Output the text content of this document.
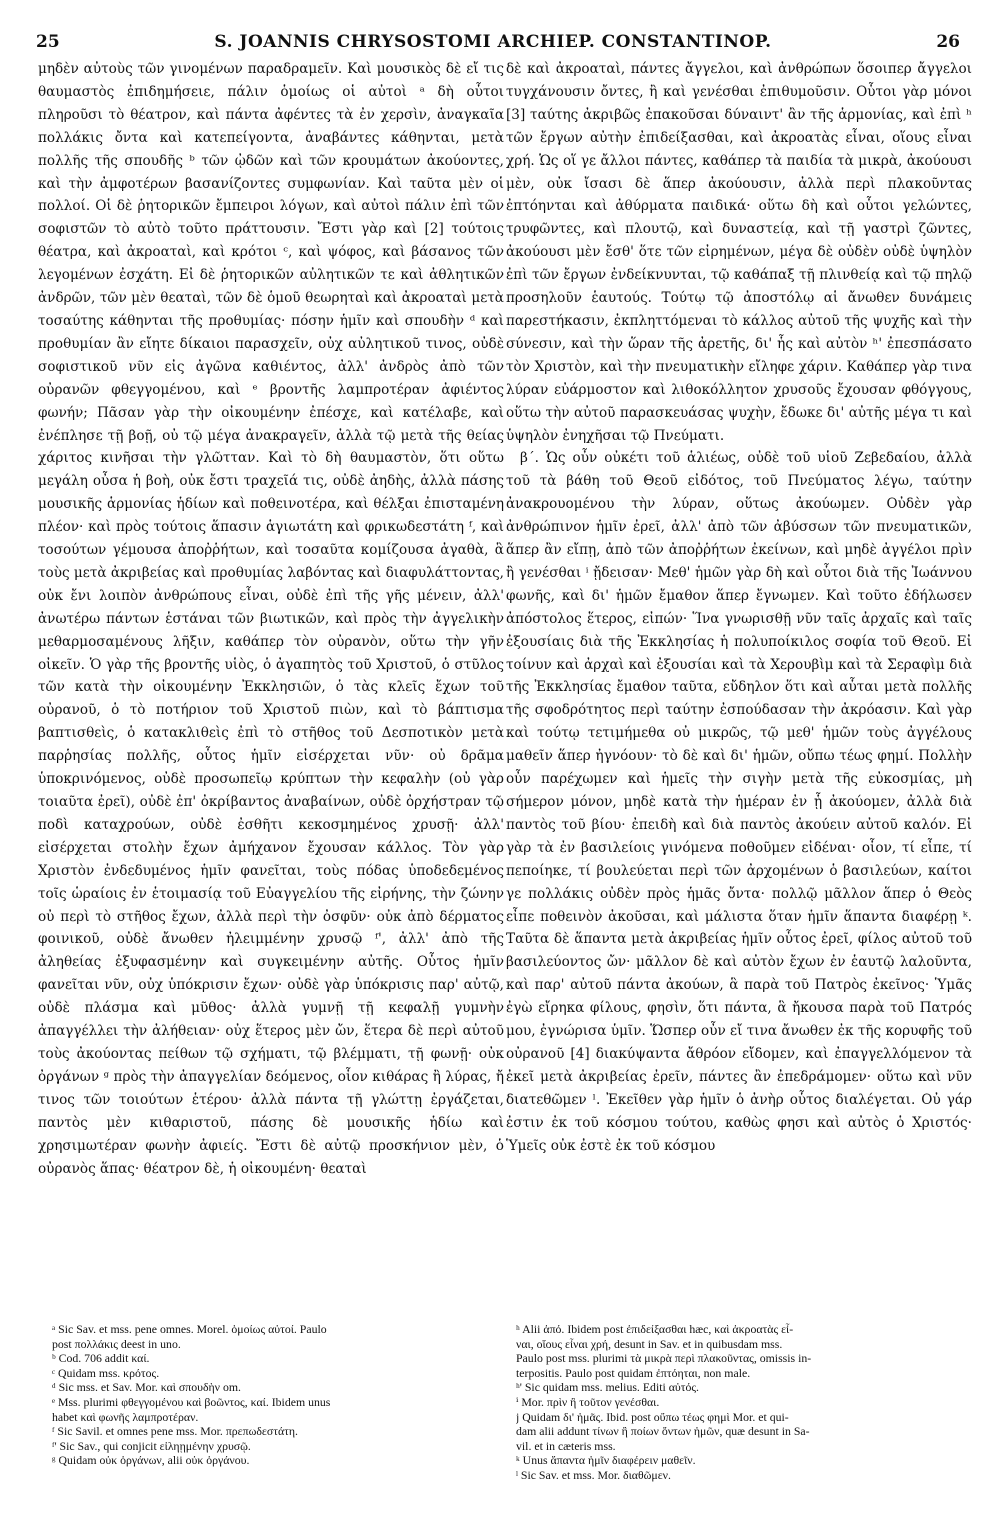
25	S. JOANNIS CHRYSOSTOMI ARCHIEP. CONSTANTINOP.	26

μηδὲν αὐτοὺς τῶν γινομένων παραδραμεῖν. Καὶ μουσικὸς δὲ εἴ τις θαυμαστὸς ἐπιδημήσειε, πάλιν ὁμοίως οἱ αὐτοὶ ᵃ δὴ οὗτοι πληροῦσι τὸ θέατρον, καὶ πάντα ἀφέντες τὰ ἐν χερσὶν, ἀναγκαῖα πολλάκις ὄντα καὶ κατεπείγοντα, ἀναβάντες κάθηνται, μετὰ πολλῆς τῆς σπουδῆς ᵇ τῶν ᾠδῶν καὶ τῶν κρουμάτων ἀκούοντες, καὶ τὴν ἀμφοτέρων βασανίζοντες συμφωνίαν. Καὶ ταῦτα μὲν οἱ πολλοί. Οἱ δὲ ῥητορικῶν ἔμπειροι λόγων, καὶ αὐτοὶ πάλιν ἐπὶ τῶν σοφιστῶν τὸ αὐτὸ τοῦτο πράττουσιν. Ἔστι γὰρ καὶ [2] τούτοις θέατρα, καὶ ἀκροαταὶ, καὶ κρότοι ᶜ, καὶ ψόφος, καὶ βάσανος τῶν λεγομένων ἐσχάτη. Εἰ δὲ ῥητορικῶν αὐλητικῶν τε καὶ ἀθλητικῶν ἀνδρῶν, τῶν μὲν θεαταὶ, τῶν δὲ ὁμοῦ θεωρηταὶ καὶ ἀκροαταὶ μετὰ τοσαύτης κάθηνται τῆς προθυμίας· πόσην ἡμῖν καὶ σπουδὴν ᵈ καὶ προθυμίαν ἂν εἴητε δίκαιοι παρασχεῖν, οὐχ αὐλητικοῦ τινος, οὐδὲ σοφιστικοῦ νῦν εἰς ἀγῶνα καθιέντος, ἀλλ' ἀνδρὸς ἀπὸ τῶν οὐρανῶν φθεγγομένου, καὶ ᵉ βροντῆς λαμπροτέραν ἀφιέντος φωνήν; Πᾶσαν γὰρ τὴν οἰκουμένην ἐπέσχε, καὶ κατέλαβε, καὶ ἐνέπλησε τῇ βοῇ, οὐ τῷ μέγα ἀνακραγεῖν, ἀλλὰ τῷ μετὰ τῆς θείας χάριτος κινῆσαι τὴν γλῶτταν. Καὶ τὸ δὴ θαυμαστὸν, ὅτι οὕτω μεγάλη οὖσα ἡ βοὴ, οὐκ ἔστι τραχεῖά τις, οὐδὲ ἀηδὴς, ἀλλὰ πάσης μουσικῆς ἁρμονίας ἡδίων καὶ ποθεινοτέρα, καὶ θέλξαι ἐπισταμένη πλέον· καὶ πρὸς τούτοις ἅπασιν ἁγιωτάτη καὶ φρικωδεστάτη ᶠ, καὶ τοσούτων γέμουσα ἀποῤῥήτων, καὶ τοσαῦτα κομίζουσα ἀγαθὰ, ἃ τοὺς μετὰ ἀκριβείας καὶ προθυμίας λαβόντας καὶ διαφυλάττοντας, οὐκ ἔνι λοιπὸν ἀνθρώπους εἶναι, οὐδὲ ἐπὶ τῆς γῆς μένειν, ἀλλ' ἀνωτέρω πάντων ἑστάναι τῶν βιωτικῶν, καὶ πρὸς τὴν ἀγγελικὴν μεθαρμοσαμένους λῆξιν, καθάπερ τὸν οὐρανὸν, οὕτω τὴν γῆν οἰκεῖν. Ὁ γὰρ τῆς βροντῆς υἱὸς, ὁ ἀγαπητὸς τοῦ Χριστοῦ, ὁ στῦλος τῶν κατὰ τὴν οἰκουμένην Ἐκκλησιῶν, ὁ τὰς κλεῖς ἔχων τοῦ οὐρανοῦ, ὁ τὸ ποτήριον τοῦ Χριστοῦ πιὼν, καὶ τὸ βάπτισμα βαπτισθεὶς, ὁ κατακλιθεὶς ἐπὶ τὸ στῆθος τοῦ Δεσποτικὸν μετὰ παρῥησίας πολλῆς, οὗτος ἡμῖν εἰσέρχεται νῦν· οὐ δρᾶμα ὑποκρινόμενος, οὐδὲ προσωπεῖῳ κρύπτων τὴν κεφαλὴν (οὐ γὰρ τοιαῦτα ἐρεῖ), οὐδὲ ἐπ' ὀκρίβαντος ἀναβαίνων, οὐδὲ ὀρχήστραν τῷ ποδὶ καταχρούων, οὐδὲ ἐσθῆτι κεκοσμημένος χρυσῇ· ἀλλ' εἰσέρχεται στολὴν ἔχων ἀμήχανον ἔχουσαν κάλλος. Τὸν γὰρ Χριστὸν ἐνδεδυμένος ἡμῖν φανεῖται, τοὺς πόδας ὑποδεδεμένος τοῖς ὡραίοις ἐν ἑτοιμασίᾳ τοῦ Εὐαγγελίου τῆς εἰρήνης, τὴν ζώνην οὐ περὶ τὸ στῆθος ἔχων, ἀλλὰ περὶ τὴν ὀσφῦν· οὐκ ἀπὸ δέρματος φοινικοῦ, οὐδὲ ἄνωθεν ἠλειμμένην χρυσῷ ᶠ', ἀλλ' ἀπὸ τῆς ἀληθείας ἐξυφασμένην καὶ συγκειμένην αὐτῆς. Οὗτος ἡμῖν φανεῖται νῦν, οὐχ ὑπόκρισιν ἔχων· οὐδὲ γὰρ ὑπόκρισις παρ' αὐτῷ, οὐδὲ πλάσμα καὶ μῦθος· ἀλλὰ γυμνῇ τῇ κεφαλῇ γυμνὴν ἀπαγγέλλει τὴν ἀλήθειαν· οὐχ ἕτερος μὲν ὤν, ἕτερα δὲ περὶ αὐτοῦ τοὺς ἀκούοντας πείθων τῷ σχήματι, τῷ βλέμματι, τῇ φωνῇ· οὐκ ὀργάνων ᵍ πρὸς τὴν ἀπαγγελίαν δεόμενος, οἷον κιθάρας ἢ λύρας, ἤ τινος τῶν τοιούτων ἑτέρου· ἀλλὰ πάντα τῇ γλώττῃ ἐργάζεται, παντὸς μὲν κιθαριστοῦ, πάσης δὲ μουσικῆς ἡδίω καὶ χρησιμωτέραν φωνὴν ἀφιείς. Ἔστι δὲ αὐτῷ προσκήνιον μὲν, ὁ οὐρανὸς ἅπας· θέατρον δὲ, ἡ οἰκουμένη· θεαταὶ

δὲ καὶ ἀκροαταὶ, πάντες ἄγγελοι, καὶ ἀνθρώπων ὅσοιπερ ἄγγελοι τυγχάνουσιν ὄντες, ἢ καὶ γενέσθαι ἐπιθυμοῦσιν. Οὗτοι γὰρ μόνοι [3] ταύτης ἀκριβῶς ἐπακοῦσαι δύναιντ' ἂν τῆς ἁρμονίας, καὶ ἐπὶ ʰ τῶν ἔργων αὐτὴν ἐπιδείξασθαι, καὶ ἀκροατὰς εἶναι, οἵους εἶναι χρή. Ὡς οἵ γε ἄλλοι πάντες, καθάπερ τὰ παιδία τὰ μικρὰ, ἀκούουσι μὲν, οὐκ ἴσασι δὲ ἅπερ ἀκούουσιν, ἀλλὰ περὶ πλακοῦντας ἐπτόηνται καὶ ἀθύρματα παιδικά· οὕτω δὴ καὶ οὗτοι γελώντες, τρυφῶντες, καὶ πλουτῷ, καὶ δυναστείᾳ, καὶ τῇ γαστρὶ ζῶντες, ἀκούουσι μὲν ἔσθ' ὅτε τῶν εἰρημένων, μέγα δὲ οὐδὲν οὐδὲ ὑψηλὸν ἐπὶ τῶν ἔργων ἐνδείκνυνται, τῷ καθάπαξ τῇ πλινθείᾳ καὶ τῷ πηλῷ προσηλοῦν ἑαυτούς. Τούτῳ τῷ ἀποστόλῳ αἱ ἄνωθεν δυνάμεις παρεστήκασιν, ἐκπληττόμεναι τὸ κάλλος αὐτοῦ τῆς ψυχῆς καὶ τὴν σύνεσιν, καὶ τὴν ὥραν τῆς ἀρετῆς, δι' ἧς καὶ αὐτὸν ʰ' ἐπεσπάσατο τὸν Χριστὸν, καὶ τὴν πνευματικὴν εἴληφε χάριν. Καθάπερ γὰρ τινα λύραν εὐάρμοστον καὶ λιθοκόλλητον χρυσοῦς ἔχουσαν φθόγγους, οὕτω τὴν αὐτοῦ παρασκευάσας ψυχὴν, ἔδωκε δι' αὐτῆς μέγα τι καὶ ὑψηλὸν ἐνηχῆσαι τῷ Πνεύματι.

β΄. Ὡς οὖν οὐκέτι τοῦ ἁλιέως, οὐδὲ τοῦ υἱοῦ Ζεβεδαίου, ἀλλὰ τοῦ τὰ βάθη τοῦ Θεοῦ εἰδότος, τοῦ Πνεύματος λέγω, ταύτην ἀνακρουομένου τὴν λύραν, οὕτως ἀκούωμεν. Οὐδὲν γὰρ ἀνθρώπινον ἡμῖν ἐρεῖ, ἀλλ' ἀπὸ τῶν ἀβύσσων τῶν πνευματικῶν, ἅπερ ἂν εἴπῃ, ἀπὸ τῶν ἀποῤῥήτων ἐκείνων, καὶ μηδὲ ἀγγέλοι πρὶν ἢ γενέσθαι ⁱ ᾔδεισαν· Μεθ' ἡμῶν γὰρ δὴ καὶ οὗτοι διὰ τῆς Ἰωάννου φωνῆς, καὶ δι' ἡμῶν ἔμαθον ἅπερ ἔγνωμεν. Καὶ τοῦτο ἐδήλωσεν ἀπόστολος ἕτερος, εἰπών· Ἵνα γνωρισθῇ νῦν ταῖς ἀρχαῖς καὶ ταῖς ἐξουσίαις διὰ τῆς Ἐκκλησίας ἡ πολυποίκιλος σοφία τοῦ Θεοῦ. Εἰ τοίνυν καὶ ἀρχαὶ καὶ ἐξουσίαι καὶ τὰ Χερουβὶμ καὶ τὰ Σεραφὶμ διὰ τῆς Ἐκκλησίας ἔμαθον ταῦτα, εὔδηλον ὅτι καὶ αὗται μετὰ πολλῆς τῆς σφοδρότητος περὶ ταύτην ἐσπούδασαν τὴν ἀκρόασιν. Καὶ γὰρ καὶ τούτῳ τετιμήμεθα οὐ μικρῶς, τῷ μεθ' ἡμῶν τοὺς ἀγγέλους μαθεῖν ἅπερ ἠγνόουν· τὸ δὲ καὶ δι' ἡμῶν, οὔπω τέως φημί. Πολλὴν οὖν παρέχωμεν καὶ ἡμεῖς τὴν σιγὴν μετὰ τῆς εὐκοσμίας, μὴ σήμερον μόνον, μηδὲ κατὰ τὴν ἡμέραν ἐν ᾗ ἀκούομεν, ἀλλὰ διὰ παντὸς τοῦ βίου· ἐπειδὴ καὶ διὰ παντὸς ἀκούειν αὐτοῦ καλόν. Εἰ γὰρ τὰ ἐν βασιλείοις γινόμενα ποθοῦμεν εἰδέναι· οἷον, τί εἶπε, τί πεποίηκε, τί βουλεύεται περὶ τῶν ἀρχομένων ὁ βασιλεύων, καίτοι γε πολλάκις οὐδὲν πρὸς ἡμᾶς ὄντα· πολλῷ μᾶλλον ἅπερ ὁ Θεὸς εἶπε ποθεινὸν ἀκοῦσαι, καὶ μάλιστα ὅταν ἡμῖν ἅπαντα διαφέρῃ ᵏ. Ταῦτα δὲ ἅπαντα μετὰ ἀκριβείας ἡμῖν οὗτος ἐρεῖ, φίλος αὐτοῦ τοῦ βασιλεύοντος ὤν· μᾶλλον δὲ καὶ αὐτὸν ἔχων ἐν ἑαυτῷ λαλοῦντα, καὶ παρ' αὐτοῦ πάντα ἀκούων, ἃ παρὰ τοῦ Πατρὸς ἐκεῖνος· Ὑμᾶς ἐγὼ εἴρηκα φίλους, φησὶν, ὅτι πάντα, ἃ ἤκουσα παρὰ τοῦ Πατρός μου, ἐγνώρισα ὑμῖν. Ὥσπερ οὖν εἴ τινα ἄνωθεν ἐκ τῆς κορυφῆς τοῦ οὐρανοῦ [4] διακύψαντα ἄθρόον εἴδομεν, καὶ ἐπαγγελλόμενον τὰ ἐκεῖ μετὰ ἀκριβείας ἐρεῖν, πάντες ἂν ἐπεδράμομεν· οὕτω καὶ νῦν διατεθῶμεν ˡ. Ἐκεῖθεν γὰρ ἡμῖν ὁ ἀνὴρ οὗτος διαλέγεται. Οὐ γάρ ἐστιν ἐκ τοῦ κόσμου τούτου, καθὼς φησι καὶ αὐτὸς ὁ Χριστός· Ὑμεῖς οὐκ ἐστὲ ἐκ τοῦ κόσμου

ᵃ Sic Sav. et mss. pene omnes. Morel. ὁμοίως αὐτοί. Paulo
post πολλάκις deest in uno.
ᵇ Cod. 706 addit καί.
ᶜ Quidam mss. κρότος.
ᵈ Sic mss. et Sav. Mor. καὶ σπουδὴν om.
ᵉ Mss. plurimi φθεγγομένου καὶ βοῶντος, καί. Ibidem unus
habet καὶ φωνῆς λαμπροτέραν.
ᶠ Sic Savil. et omnes pene mss. Mor. πρεπωδεστάτη.
ᶠ' Sic Sav., qui conjicit εἰληῃμένην χρυσῷ.
ᵍ Quidam οὐκ ὀργάνων, alii οὐκ ὀργάνου.
ʰ Alii ἀπό. Ibidem post ἐπιδείξασθαι hæc, καὶ ἀκροατὰς εἶ-
ναι, οἵους εἶναι χρή, desunt in Sav. et in quibusdam mss.
Paulo post mss. plurimi τὰ μικρὰ περὶ πλακοῦντας, omissis in-
terpositis. Paulo post quidam ἐπτόηται, non male.
ʰ' Sic quidam mss. melius. Editi αὐτός.
ⁱ Mor. πρὶν ἢ τοῦτον γενέσθαι.
j Quidam δι' ἡμᾶς. Ibid. post οὔπω τέως φημὶ Mor. et qui-
dam alii addunt τίνων ἢ ποίων ὄντων ἡμῶν, quæ desunt in Sa-
vil. et in cæteris mss.
ᵏ Unus ἅπαντα ἡμῖν διαφέρειν μαθεῖν.
ˡ Sic Sav. et mss. Mor. διαθῶμεν.
